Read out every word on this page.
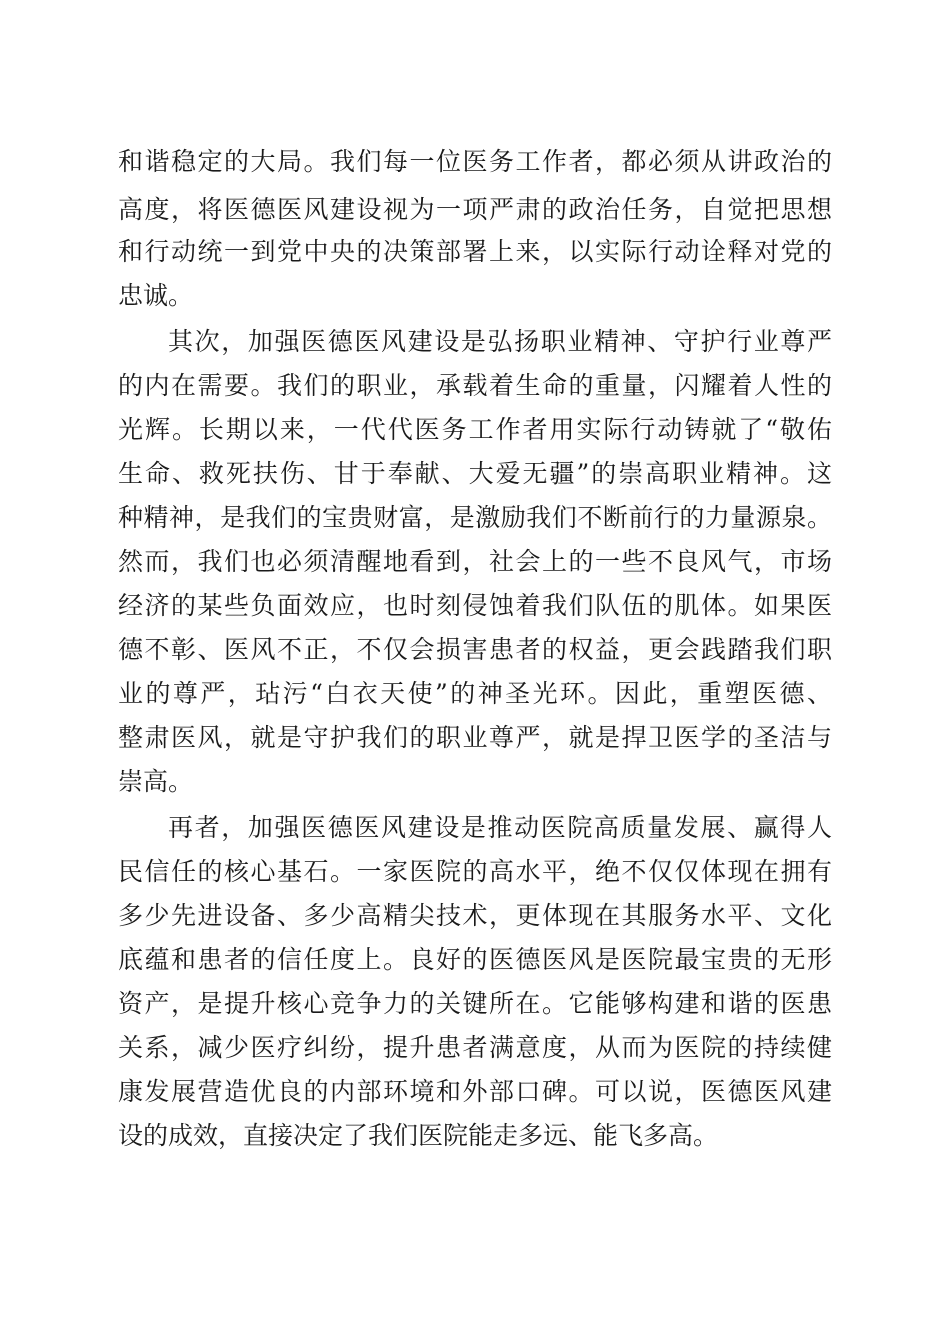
和谐稳定的大局。我们每一位医务工作者，都必须从讲政治的
高度，将医德医风建设视为一项严肃的政治任务，自觉把思想
和行动统一到党中央的决策部署上来，以实际行动诠释对党的
忠诚。
其次，加强医德医风建设是弘扬职业精神、守护行业尊严
的内在需要。我们的职业，承载着生命的重量，闪耀着人性的
光辉。长期以来，一代代医务工作者用实际行动铸就了“敬佑
生命、救死扶伤、甘于奉献、大爱无疆”的崇高职业精神。这
种精神，是我们的宝贵财富，是激励我们不断前行的力量源泉。
然而，我们也必须清醒地看到，社会上的一些不良风气，市场
经济的某些负面效应，也时刻侵蚀着我们队伍的肌体。如果医
德不彰、医风不正，不仅会损害患者的权益，更会践踏我们职
业的尊严，玷污“白衣天使”的神圣光环。因此，重塑医德、
整肃医风，就是守护我们的职业尊严，就是捍卫医学的圣洁与
崇高。
再者，加强医德医风建设是推动医院高质量发展、赢得人
民信任的核心基石。一家医院的高水平，绝不仅仅体现在拥有
多少先进设备、多少高精尖技术，更体现在其服务水平、文化
底蕴和患者的信任度上。良好的医德医风是医院最宝贵的无形
资产，是提升核心竞争力的关键所在。它能够构建和谐的医患
关系，减少医疗纠纷，提升患者满意度，从而为医院的持续健
康发展营造优良的内部环境和外部口碑。可以说，医德医风建
设的成效，直接决定了我们医院能走多远、能飞多高。
